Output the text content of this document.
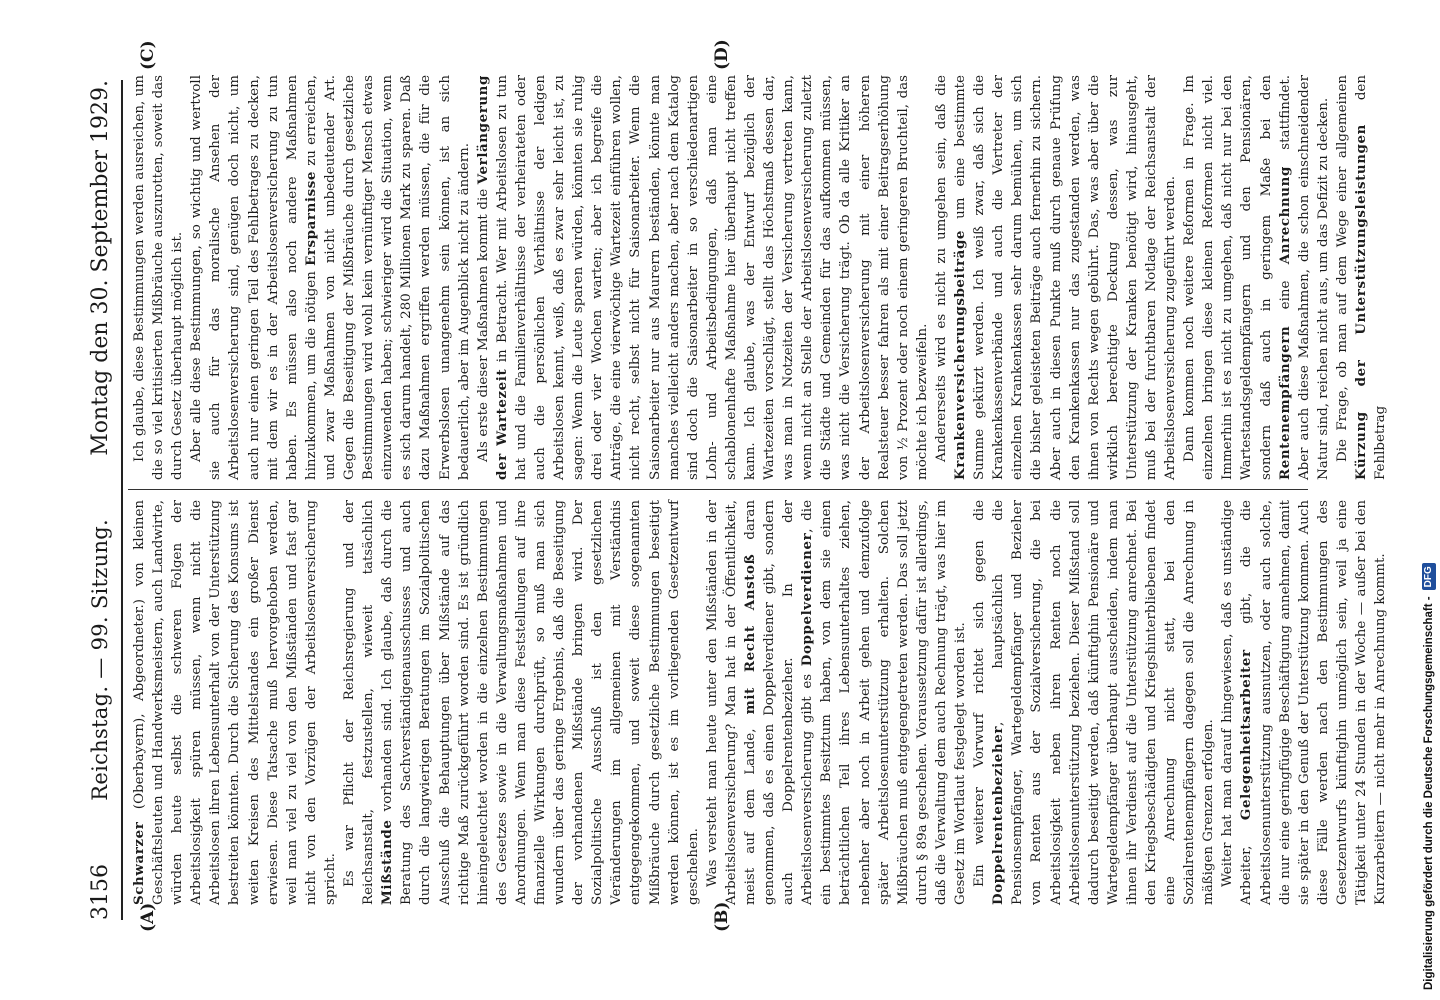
3156
Reichstag. — 99. Sitzung.
Montag den 30. September 1929.
(A)	(B)
(C)	(D)

Schwarzer (Oberbayern), Abgeordneter.) von kleinen Geschäftsleuten und Handwerksmeistern, auch Landwirte, würden heute selbst die schweren Folgen der Arbeitslosigkeit spüren müssen, wenn nicht die Arbeitslosen ihren Lebensunterhalt von der Unterstützung bestreiten könnten. Durch die Sicherung des Konsums ist weiten Kreisen des Mittelstandes ein großer Dienst erwiesen. Diese Tatsache muß hervorgehoben werden, weil man viel zu viel von den Mißständen und fast gar nicht von den Vorzügen der Arbeitslosenversicherung spricht. Es war Pflicht der Reichsregierung und der Reichsanstalt, festzustellen, wieweit tatsächlich Mißstände vorhanden sind. Ich glaube, daß durch die Beratung des Sachverständigenausschusses und auch durch die langwierigen Beratungen im Sozialpolitischen Ausschuß die Behauptungen über Mißstände auf das richtige Maß zurückgeführt worden sind. Es ist gründlich hineingeleuchtet worden in die einzelnen Bestimmungen des Gesetzes sowie in die Verwaltungsmaßnahmen und Anordnungen. Wenn man diese Feststellungen auf ihre finanzielle Wirkungen durchprüft, so muß man sich wundern über das geringe Ergebnis, daß die Beseitigung der vorhandenen Mißstände bringen wird. Der Sozialpolitische Ausschuß ist den gesetzlichen Veränderungen im allgemeinen mit Verständnis entgegengekommen, und soweit diese sogenannten Mißbräuche durch gesetzliche Bestimmungen beseitigt werden können, ist es im vorliegenden Gesetzentwurf geschehen. Was versteht man heute unter den Mißständen in der Arbeitslosenversicherung? Man hat in der Öffentlichkeit, meist auf dem Lande, mit Recht Anstoß daran genommen, daß es einen Doppelverdiener gibt, sondern auch Doppelrentenbezieher. In der Arbeitslosenversicherung gibt es Doppelverdiener, die ein bestimmtes Besitztum haben, von dem sie einen beträchtlichen Teil ihres Lebensunterhaltes ziehen, nebenher aber noch in Arbeit gehen und demzufolge später Arbeitslosenunterstützung erhalten. Solchen Mißbräuchen muß entgegengetreten werden. Das soll jetzt durch § 89a geschehen. Voraussetzung dafür ist allerdings, daß die Verwaltung dem auch Rechnung trägt, was hier im Gesetz im Wortlaut festgelegt worden ist. Ein weiterer Vorwurf richtet sich gegen die Doppelrentenbezieher, hauptsächlich die Pensionsempfänger, Wartegeldempfänger und Bezieher von Renten aus der Sozialversicherung, die bei Arbeitslosigkeit neben ihren Renten noch die Arbeitslosenunterstützung beziehen. Dieser Mißstand soll dadurch beseitigt werden, daß künftighin Pensionäre und Wartegeldempfänger überhaupt ausscheiden, indem man ihnen ihr Verdienst auf die Unterstützung anrechnet. Bei den Kriegsbeschädigten und Kriegshinterbliebenen findet eine Anrechnung nicht statt, bei den Sozialrentenempfängern dagegen soll die Anrechnung in mäßigen Grenzen erfolgen. Weiter hat man darauf hingewiesen, daß es unständige Arbeiter, Gelegenheitsarbeiter gibt, die die Arbeitslosenunterstützung ausnutzen, oder auch solche, die nur eine geringfügige Beschäftigung annehmen, damit sie später in den Genuß der Unterstützung kommen. Auch diese Fälle werden nach den Bestimmungen des Gesetzentwurfs künftighin unmöglich sein, weil ja eine Tätigkeit unter 24 Stunden in der Woche — außer bei den Kurzarbeitern — nicht mehr in Anrechnung kommt.

Ich glaube, diese Bestimmungen werden ausreichen, um die so viel kritisierten Mißbräuche auszurotten, soweit das durch Gesetz überhaupt möglich ist. Aber alle diese Bestimmungen, so wichtig und wertvoll sie auch für das moralische Ansehen der Arbeitslosenversicherung sind, genügen doch nicht, um auch nur einen geringen Teil des Fehlbetrages zu decken, mit dem wir es in der Arbeitslosenversicherung zu tun haben. Es müssen also noch andere Maßnahmen hinzukommen, um die nötigen Ersparnisse zu erreichen, und zwar Maßnahmen von nicht unbedeutender Art. Gegen die Beseitigung der Mißbräuche durch gesetzliche Bestimmungen wird wohl kein vernünftiger Mensch etwas einzuwenden haben; schwieriger wird die Situation, wenn es sich darum handelt, 280 Millionen Mark zu sparen. Daß dazu Maßnahmen ergriffen werden müssen, die für die Erwerbslosen unangenehm sein können, ist an sich bedauerlich, aber im Augenblick nicht zu ändern. Als erste dieser Maßnahmen kommt die Verlängerung der Wartezeit in Betracht. Wer mit Arbeitslosen zu tun hat und die Familienverhältnisse der verheirateten oder auch die persönlichen Verhältnisse der ledigen Arbeitslosen kennt, weiß, daß es zwar sehr leicht ist, zu sagen: Wenn die Leute sparen würden, könnten sie ruhig drei oder vier Wochen warten; aber ich begreife die Anträge, die eine vierwöchige Wartezeit einführen wollen, nicht recht, selbst nicht für Saisonarbeiter. Wenn die Saisonarbeiter nur aus Maurern beständen, könnte man manches vielleicht anders machen, aber nach dem Katalog sind doch die Saisonarbeiter in so verschiedenartigen Lohn- und Arbeitsbedingungen, daß man eine schablonenhafte Maßnahme hier überhaupt nicht treffen kann. Ich glaube, was der Entwurf bezüglich der Wartezeiten vorschlägt, stellt das Höchstmaß dessen dar, was man in Notzeiten der Versicherung vertreten kann, wenn nicht an Stelle der Arbeitslosenversicherung zuletzt die Städte und Gemeinden für das aufkommen müssen, was nicht die Versicherung trägt. Ob da alle Kritiker an der Arbeitslosenversicherung mit einer höheren Realsteuer besser fahren als mit einer Beitragserhöhung von ½ Prozent oder noch einem geringeren Bruchteil, das möchte ich bezweifeln. Andererseits wird es nicht zu umgehen sein, daß die Krankenversicherungsbeiträge um eine bestimmte Summe gekürzt werden. Ich weiß zwar, daß sich die Krankenkassenverbände und auch die Vertreter der einzelnen Krankenkassen sehr darum bemühen, um sich die bisher geleisteten Beiträge auch fernerhin zu sichern. Aber auch in diesen Punkte muß durch genaue Prüfung den Krankenkassen nur das zugestanden werden, was ihnen von Rechts wegen gebührt. Das, was aber über die wirklich berechtigte Deckung dessen, was zur Unterstützung der Kranken benötigt wird, hinausgeht, muß bei der furchtbaren Notlage der Reichsanstalt der Arbeitslosenversicherung zugeführt werden. Dann kommen noch weitere Reformen in Frage. Im einzelnen bringen diese kleinen Reformen nicht viel. Immerhin ist es nicht zu umgehen, daß nicht nur bei den Wartestandsgeldempfängern und den Pensionären, sondern daß auch in geringem Maße bei den Rentenempfängern eine Anrechnung stattfindet. Aber auch diese Maßnahmen, die schon einschneidender Natur sind, reichen nicht aus, um das Defizit zu decken. Die Frage, ob man auf dem Wege einer allgemeinen Kürzung der Unterstützungsleistungen den Fehlbetrag

Digitalisierung gefördert durch die Deutsche Forschungsgemeinschaft -
DFG
